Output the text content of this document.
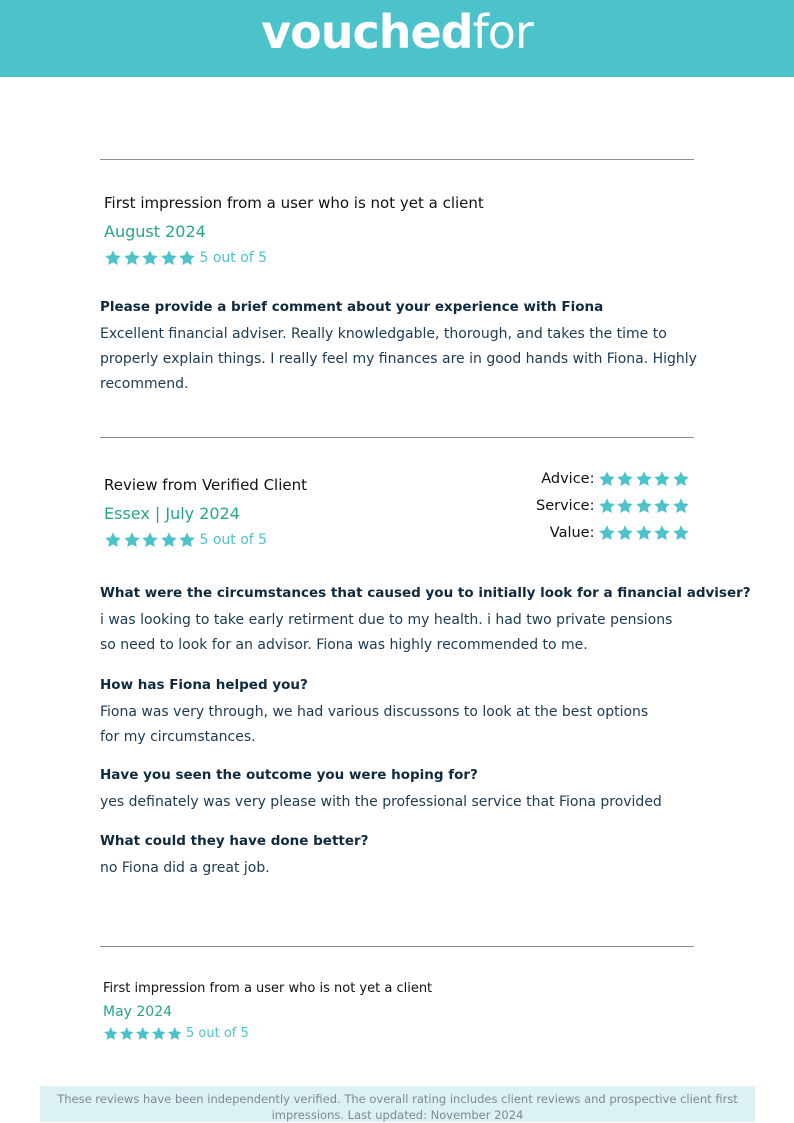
vouchedfor
First impression from a user who is not yet a client
August 2024
5 out of 5
Please provide a brief comment about your experience with Fiona
Excellent financial adviser. Really knowledgable, thorough, and takes the time to properly explain things. I really feel my finances are in good hands with Fiona. Highly recommend.
Review from Verified Client
Essex | July 2024
5 out of 5
Advice:
Service:
Value:
What were the circumstances that caused you to initially look for a financial adviser?
i was looking to take early retirment due to my health. i had two private pensions so need to look for an advisor. Fiona was highly recommended to me.
How has Fiona helped you?
Fiona was very through, we had various discussons to look at the best options for my circumstances.
Have you seen the outcome you were hoping for?
yes definately was very please with the professional service that Fiona provided
What could they have done better?
no Fiona did a great job.
First impression from a user who is not yet a client
May 2024
5 out of 5
These reviews have been independently verified. The overall rating includes client reviews and prospective client first impressions. Last updated: November 2024
